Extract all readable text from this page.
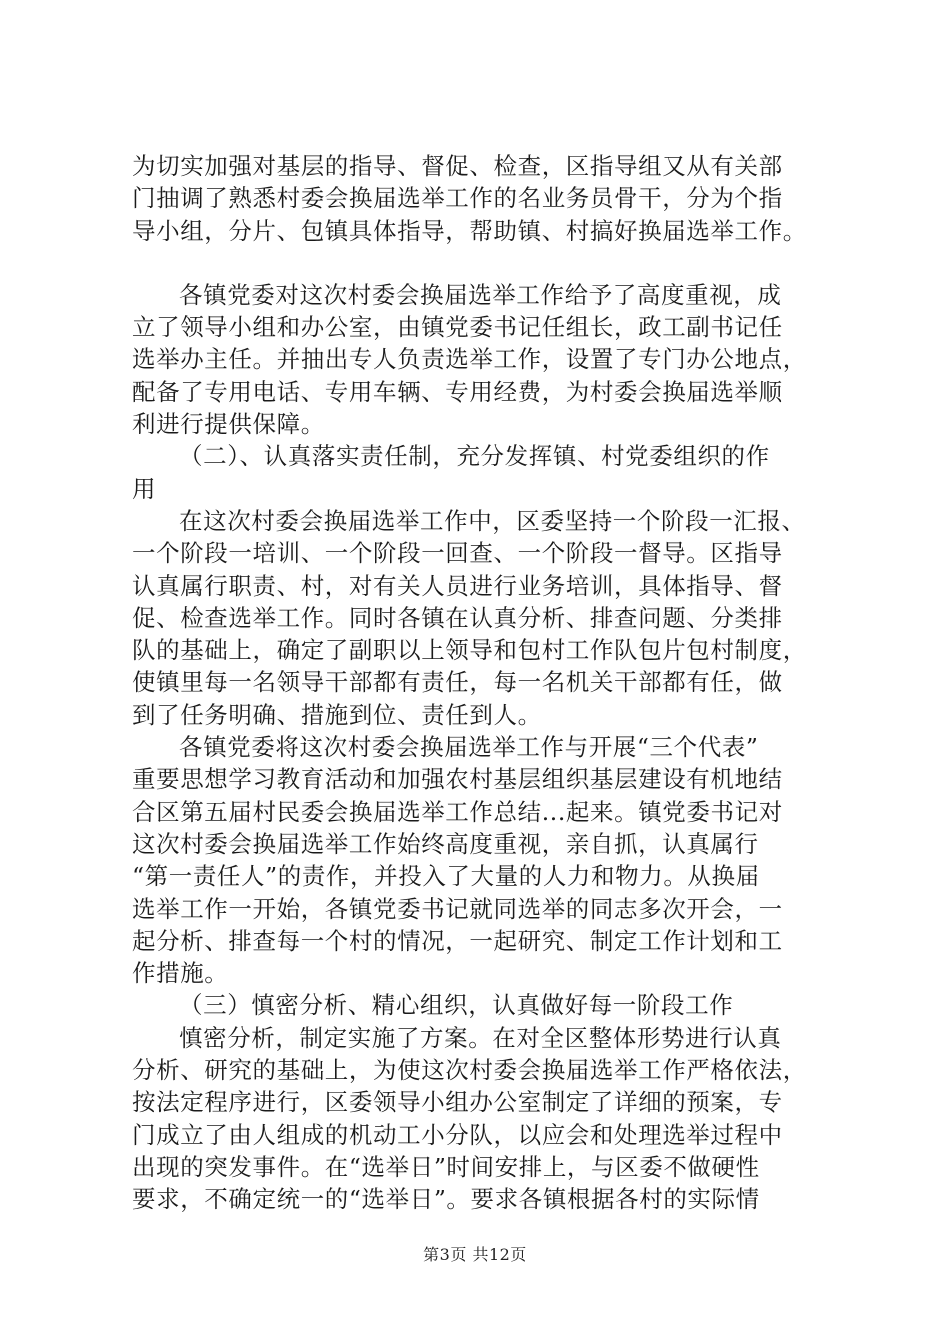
为切实加强对基层的指导、督促、检查，区指导组又从有关部
门抽调了熟悉村委会换届选举工作的名业务员骨干，分为个指
导小组，分片、包镇具体指导，帮助镇、村搞好换届选举工作。
各镇党委对这次村委会换届选举工作给予了高度重视，成
立了领导小组和办公室，由镇党委书记任组长，政工副书记任
选举办主任。并抽出专人负责选举工作，设置了专门办公地点，
配备了专用电话、专用车辆、专用经费，为村委会换届选举顺
利进行提供保障。
（二）、认真落实责任制，充分发挥镇、村党委组织的作
用
在这次村委会换届选举工作中，区委坚持一个阶段一汇报、
一个阶段一培训、一个阶段一回查、一个阶段一督导。区指导
认真属行职责、村，对有关人员进行业务培训，具体指导、督
促、检查选举工作。同时各镇在认真分析、排查问题、分类排
队的基础上，确定了副职以上领导和包村工作队包片包村制度，
使镇里每一名领导干部都有责任，每一名机关干部都有任，做
到了任务明确、措施到位、责任到人。
各镇党委将这次村委会换届选举工作与开展“三个代表”
重要思想学习教育活动和加强农村基层组织基层建设有机地结
合区第五届村民委会换届选举工作总结...起来。镇党委书记对
这次村委会换届选举工作始终高度重视，亲自抓，认真属行
“第一责任人”的责作，并投入了大量的人力和物力。从换届
选举工作一开始，各镇党委书记就同选举的同志多次开会，一
起分析、排查每一个村的情况，一起研究、制定工作计划和工
作措施。
（三）慎密分析、精心组织，认真做好每一阶段工作
慎密分析，制定实施了方案。在对全区整体形势进行认真
分析、研究的基础上，为使这次村委会换届选举工作严格依法，
按法定程序进行，区委领导小组办公室制定了详细的预案，专
门成立了由人组成的机动工小分队，以应会和处理选举过程中
出现的突发事件。在“选举日”时间安排上，与区委不做硬性
要求，不确定统一的“选举日”。要求各镇根据各村的实际情
第3页 共12页
